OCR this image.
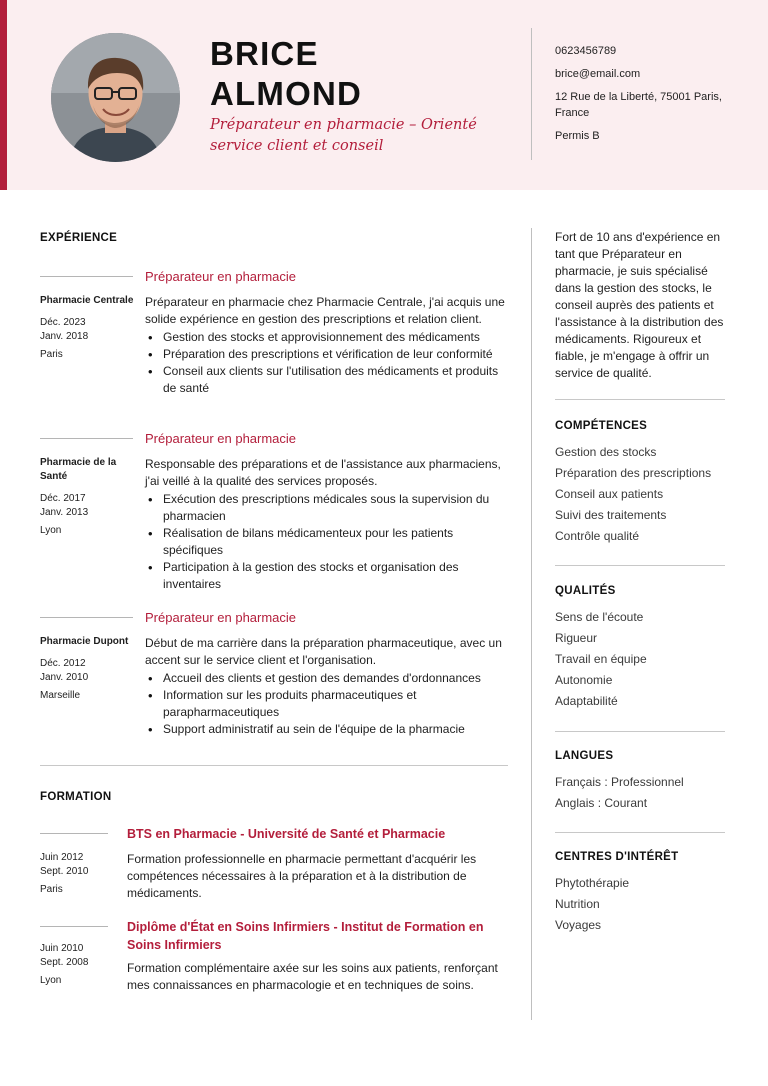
BRICE
ALMOND
Préparateur en pharmacie – Orienté service client et conseil
0623456789
brice@email.com
12 Rue de la Liberté, 75001 Paris, France
Permis B
EXPÉRIENCE
Préparateur en pharmacie
Pharmacie Centrale
Déc. 2023
Janv. 2018
Paris
Préparateur en pharmacie chez Pharmacie Centrale, j'ai acquis une solide expérience en gestion des prescriptions et relation client.
• Gestion des stocks et approvisionnement des médicaments
• Préparation des prescriptions et vérification de leur conformité
• Conseil aux clients sur l'utilisation des médicaments et produits de santé
Préparateur en pharmacie
Pharmacie de la Santé
Déc. 2017
Janv. 2013
Lyon
Responsable des préparations et de l'assistance aux pharmaciens, j'ai veillé à la qualité des services proposés.
• Exécution des prescriptions médicales sous la supervision du pharmacien
• Réalisation de bilans médicamenteux pour les patients spécifiques
• Participation à la gestion des stocks et organisation des inventaires
Préparateur en pharmacie
Pharmacie Dupont
Déc. 2012
Janv. 2010
Marseille
Début de ma carrière dans la préparation pharmaceutique, avec un accent sur le service client et l'organisation.
• Accueil des clients et gestion des demandes d'ordonnances
• Information sur les produits pharmaceutiques et parapharmaceutiques
• Support administratif au sein de l'équipe de la pharmacie
FORMATION
BTS en Pharmacie - Université de Santé et Pharmacie
Juin 2012
Sept. 2010
Paris
Formation professionnelle en pharmacie permettant d'acquérir les compétences nécessaires à la préparation et à la distribution de médicaments.
Diplôme d'État en Soins Infirmiers - Institut de Formation en Soins Infirmiers
Juin 2010
Sept. 2008
Lyon
Formation complémentaire axée sur les soins aux patients, renforçant mes connaissances en pharmacologie et en techniques de soins.
Fort de 10 ans d'expérience en tant que Préparateur en pharmacie, je suis spécialisé dans la gestion des stocks, le conseil auprès des patients et l'assistance à la distribution des médicaments. Rigoureux et fiable, je m'engage à offrir un service de qualité.
COMPÉTENCES
Gestion des stocks
Préparation des prescriptions
Conseil aux patients
Suivi des traitements
Contrôle qualité
QUALITÉS
Sens de l'écoute
Rigueur
Travail en équipe
Autonomie
Adaptabilité
LANGUES
Français : Professionnel
Anglais : Courant
CENTRES D'INTÉRÊT
Phytothérapie
Nutrition
Voyages
